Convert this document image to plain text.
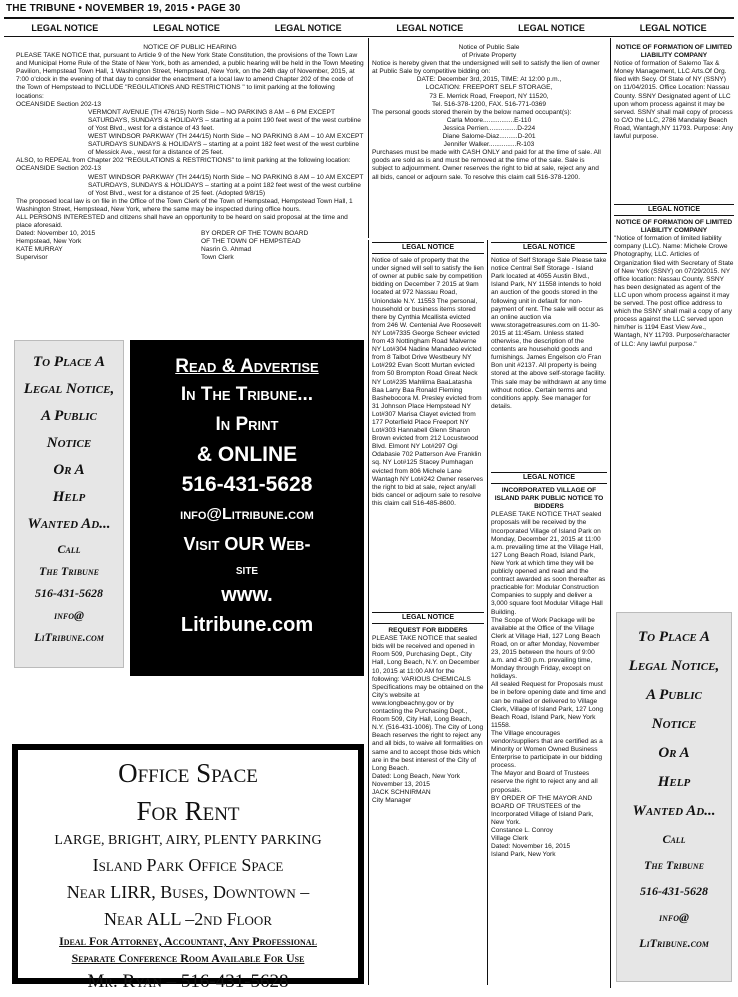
THE TRIBUNE • NOVEMBER 19, 2015 • PAGE 30
LEGAL NOTICE	LEGAL NOTICE	LEGAL NOTICE	LEGAL NOTICE	LEGAL NOTICE	LEGAL NOTICE

NOTICE OF PUBLIC HEARING

PLEASE TAKE NOTICE that, pursuant to Article 9 of the New York State Constitution, the provisions of the Town Law and Municipal Home Rule of the State of New York, both as amended, a public hearing will be held in the Town Meeting Pavilion, Hempstead Town Hall, 1 Washington Street, Hempstead, New York, on the 24th day of November, 2015, at 7:00 o'clock in the evening of that day to consider the enactment of a local law to amend Chapter 202 of the code of the Town of Hempstead to INCLUDE "REGULATIONS AND RESTRICTIONS " to limit parking at the following locations:

OCEANSIDE Section 202-13

VERMONT AVENUE (TH 476/15) North Side – NO PARKING 8 AM – 6 PM EXCEPT SATURDAYS, SUNDAYS & HOLIDAYS – starting at a point 190 feet west of the west curbline of Yost Blvd., west for a distance of 43 feet.

WEST WINDSOR PARKWAY (TH 244/15) North Side – NO PARKING 8 AM – 10 AM EXCEPT SATURDAYS SUNDAYS & HOLIDAYS – starting at a point 182 feet west of the west curbline of Messick Ave., west for a distance of 25 feet.

ALSO, to REPEAL from Chapter 202 "REGULATIONS & RESTRICTIONS" to limit parking at the following location:

OCEANSIDE Section 202-13

WEST WINDSOR PARKWAY (TH 244/15) North Side – NO PARKING 8 AM – 10 AM EXCEPT SATURDAYS, SUNDAYS & HOLIDAYS – starting at a point 182 feet west of the west curbline of Yost Blvd., west for a distance of 25 feet. (Adopted 9/8/15)

The proposed local law is on file in the Office of the Town Clerk of the Town of Hempstead, Hempstead Town Hall, 1 Washington Street, Hempstead, New York, where the same may be inspected during office hours.

ALL PERSONS INTERESTED and citizens shall have an opportunity to be heard on said proposal at the time and place aforesaid.

Dated: November 10, 2015

Hempstead, New York

KATE MURRAY

Supervisor

BY ORDER OF THE TOWN BOARD

OF THE TOWN OF HEMPSTEAD

Nasrin G. Ahmad

Town Clerk

Notice of Public Sale

of Private Property

Notice is hereby given that the undersigned will sell to satisfy the lien of owner at Public Sale by competitive bidding on:

DATE: December 3rd, 2015, TIME: At 12:00 p.m.,

LOCATION: FREEPORT SELF STORAGE,

73 E. Merrick Road, Freeport, NY 11520,

Tel. 516-378-1200, FAX. 516-771-0369

The personal goods stored therein by the below named occupant(s):

Carla Moore.................E-110

Jessica Perrien................D-224

Diane Salome-Diaz..........D-201

Jennifer Walker...............R-103

Purchases must be made with CASH ONLY and paid for at the time of sale. All goods are sold as is and must be removed at the time of the sale. Sale is subject to adjournment. Owner reserves the right to bid at sale, reject any and all bids, cancel or adjourn sale. To resolve this claim call 516-378-1200.

NOTICE OF FORMATION OF LIMITED LIABILITY COMPANY

Notice of formation of Salerno Tax & Money Management, LLC Arts.Of Org. filed with Secy. Of State of NY (SSNY) on 11/04/2015. Office Location: Nassau County. SSNY Designated agent of LLC upon whom process against it may be served. SSNY shall mail copy of process to C/O the LLC, 2786 Mandalay Beach Road, Wantagh,NY 11793. Purpose: Any lawful purpose.

LEGAL NOTICE

NOTICE OF FORMATION OF LIMITED LIABILITY COMPANY

"Notice of formation of limited liability company (LLC). Name: Michele Crowe Photography, LLC. Articles of Organization filed with Secretary of State of New York (SSNY) on 07/29/2015. NY office location: Nassau County. SSNY has been designated as agent of the LLC upon whom process against it may be served. The post office address to which the SSNY shall mail a copy of any process against the LLC served upon him/her is 1194 East View Ave., Wantagh, NY 11793. Purpose/character of LLC: Any lawful purpose."

LEGAL NOTICE

Notice of sale of property that the under signed will sell to satisfy the lien of owner at public sale by competition bidding on December 7 2015 at 9am located at 972 Nassau Road, Uniondale N.Y. 11553 The personal, household or business items stored there by Cynthia Mcallista evicted from 246 W. Centenial Ave Roosevelt NY Lot#7335 George Scheer evicted from 43 Nottingham Road Malverne NY Lot#304 Nadine Manadeo evicted from 8 Talbot Drive Westbeury NY Lot#292 Evan Scott Murtan evicted from 50 Brompton Road Great Neck NY Lot#235 Mahlilma BaaLatasha Baa Larry Baa Ronald Fleming Bashebocora M. Presley evicted from 31 Johnson Place Hempstead NY Lot#307 Marisa Clayet evicted from 177 Poterfield Place Freeport NY Lot#303 Hannabell Glenn Sharon Brown evicted from 212 Locustwood Blvd. Elmont NY Lot#297 Ogi Odabasie 702 Patterson Ave Franklin sq. NY Lot#125 Stacey Pumhagan evicted from 806 Michele Lane Wantagh NY Lot#242 Owner reserves the right to bid at sale, reject any/all bids cancel or adjourn sale to resolve this claim call 516-485-8600.

LEGAL NOTICE

Notice of Self Storage Sale Please take notice Central Self Storage - Island Park located at 4055 Austin Blvd., Island Park, NY 11558 intends to hold an auction of the goods stored in the following unit in default for non-payment of rent. The sale will occur as an online auction via www.storagetreasures.com on 11-30-2015 at 11:45am. Unless stated otherwise, the description of the contents are household goods and furnishings. James Engelson c/o Fran Bon unit #2137. All property is being stored at the above self-storage facility. This sale may be withdrawn at any time without notice. Certain terms and conditions apply. See manager for details.

LEGAL NOTICE

REQUEST FOR BIDDERS

PLEASE TAKE NOTICE that sealed bids will be received and opened in Room 509, Purchasing Dept., City Hall, Long Beach, N.Y. on December 10, 2015 at 11:00 AM for the following: VARIOUS CHEMICALS Specifications may be obtained on the City's website at www.longbeachny.gov or by contacting the Purchasing Dept., Room 509, City Hall, Long Beach, N.Y. (516-431-1006). The City of Long Beach reserves the right to reject any and all bids, to waive all formalities on same and to accept those bids which are in the best interest of the City of Long Beach.

Dated: Long Beach, New York

November 13, 2015

JACK SCHNIRMAN

City Manager

LEGAL NOTICE

INCORPORATED VILLAGE OF ISLAND PARK PUBLIC NOTICE TO BIDDERS

PLEASE TAKE NOTICE THAT sealed proposals will be received by the Incorporated Village of Island Park on Monday, December 21, 2015 at 11:00 a.m. prevailing time at the Village Hall, 127 Long Beach Road, Island Park, New York at which time they will be publicly opened and read and the contract awarded as soon thereafter as practicable for: Modular Construction Companies to supply and deliver a 3,000 square foot Modular Village Hall Building.

The Scope of Work Package will be available at the Office of the Village Clerk at Village Hall, 127 Long Beach Road, on or after Monday, November 23, 2015 between the hours of 9:00 a.m. and 4:30 p.m. prevailing time, Monday through Friday, except on holidays.

All sealed Request for Proposals must be in before opening date and time and can be mailed or delivered to Village Clerk, Village of Island Park, 127 Long Beach Road, Island Park, New York 11558.

The Village encourages vendor/suppliers that are certified as a Minority or Women Owned Business Enterprise to participate in our bidding process.

The Mayor and Board of Trustees reserve the right to reject any and all proposals.

BY ORDER OF THE MAYOR AND BOARD OF TRUSTEES of the Incorporated Village of Island Park, New York.

Constance L. Conroy

Village Clerk

Dated: November 16, 2015

Island Park, New York

To Place A
Legal Notice,
A Public
Notice
Or A
Help
Wanted Ad...
Call
The Tribune
516-431-5628
info@
LiTribune.com
Read & Advertise
In The Tribune...
In Print
& ONLINE
516-431-5628
info@Litribune.com
Visit OUR Web-
site
www.
Litribune.com
Office Space
For Rent
LARGE, BRIGHT, AIRY, PLENTY PARKING
Island Park Office Space
Near LIRR, Buses, Downtown –
Near ALL –2nd Floor
Ideal For Attorney, Accountant, Any Professional
Separate Conference Room Available For Use
Mr. Ryan – 516-431-5628
To Place A
Legal Notice,
A Public
Notice
Or A
Help
Wanted Ad...
Call
The Tribune
516-431-5628
info@
LiTribune.com
